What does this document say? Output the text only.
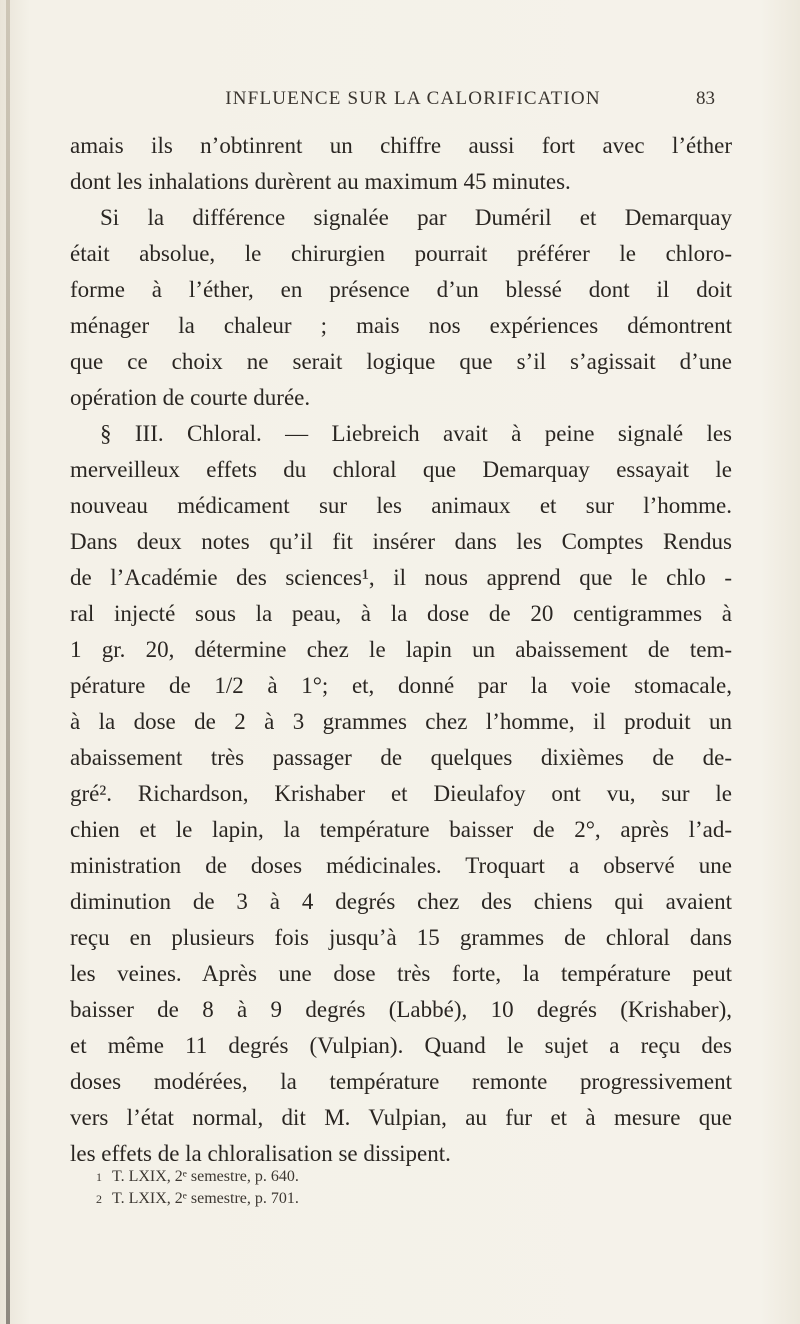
INFLUENCE SUR LA CALORIFICATION	83
amais ils n’obtinrent un chiffre aussi fort avec l’éther
dont les inhalations durèrent au maximum 45 minutes.
Si la différence signalée par Duméril et Demarquay
était absolue, le chirurgien pourrait préférer le chloro-
forme à l’éther, en présence d’un blessé dont il doit
ménager la chaleur ; mais nos expériences démontrent
que ce choix ne serait logique que s’il s’agissait d’une
opération de courte durée.
§ III. Chloral. — Liebreich avait à peine signalé les
merveilleux effets du chloral que Demarquay essayait le
nouveau médicament sur les animaux et sur l’homme.
Dans deux notes qu’il fit insérer dans les Comptes Rendus
de l’Académie des sciences¹, il nous apprend que le chlo -
ral injecté sous la peau, à la dose de 20 centigrammes à
1 gr. 20, détermine chez le lapin un abaissement de tem-
pérature de 1/2 à 1°; et, donné par la voie stomacale,
à la dose de 2 à 3 grammes chez l’homme, il produit un
abaissement très passager de quelques dixièmes de de-
gré². Richardson, Krishaber et Dieulafoy ont vu, sur le
chien et le lapin, la température baisser de 2°, après l’ad-
ministration de doses médicinales. Troquart a observé une
diminution de 3 à 4 degrés chez des chiens qui avaient
reçu en plusieurs fois jusqu’à 15 grammes de chloral dans
les veines. Après une dose très forte, la température peut
baisser de 8 à 9 degrés (Labbé), 10 degrés (Krishaber),
et même 11 degrés (Vulpian). Quand le sujet a reçu des
doses modérées, la température remonte progressivement
vers l’état normal, dit M. Vulpian, au fur et à mesure que
les effets de la chloralisation se dissipent.
1 T. LXIX, 2ᵉ semestre, p. 640.
2 T. LXIX, 2ᵉ semestre, p. 701.
